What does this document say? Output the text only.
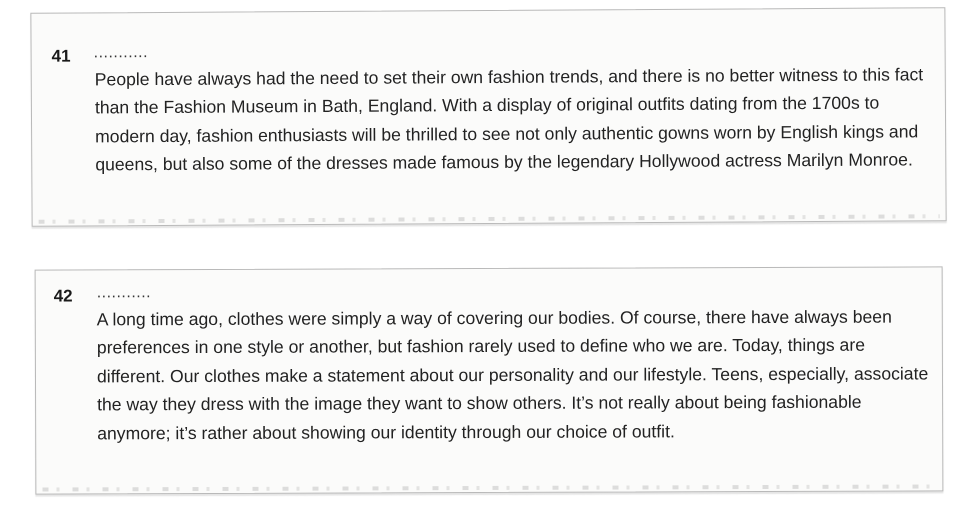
41 ...........

People have always had the need to set their own fashion trends, and there is no better witness to this fact than the Fashion Museum in Bath, England. With a display of original outfits dating from the 1700s to modern day, fashion enthusiasts will be thrilled to see not only authentic gowns worn by English kings and queens, but also some of the dresses made famous by the legendary Hollywood actress Marilyn Monroe.

42 ...........

A long time ago, clothes were simply a way of covering our bodies. Of course, there have always been preferences in one style or another, but fashion rarely used to define who we are. Today, things are different. Our clothes make a statement about our personality and our lifestyle. Teens, especially, associate the way they dress with the image they want to show others. It’s not really about being fashionable anymore; it’s rather about showing our identity through our choice of outfit.
